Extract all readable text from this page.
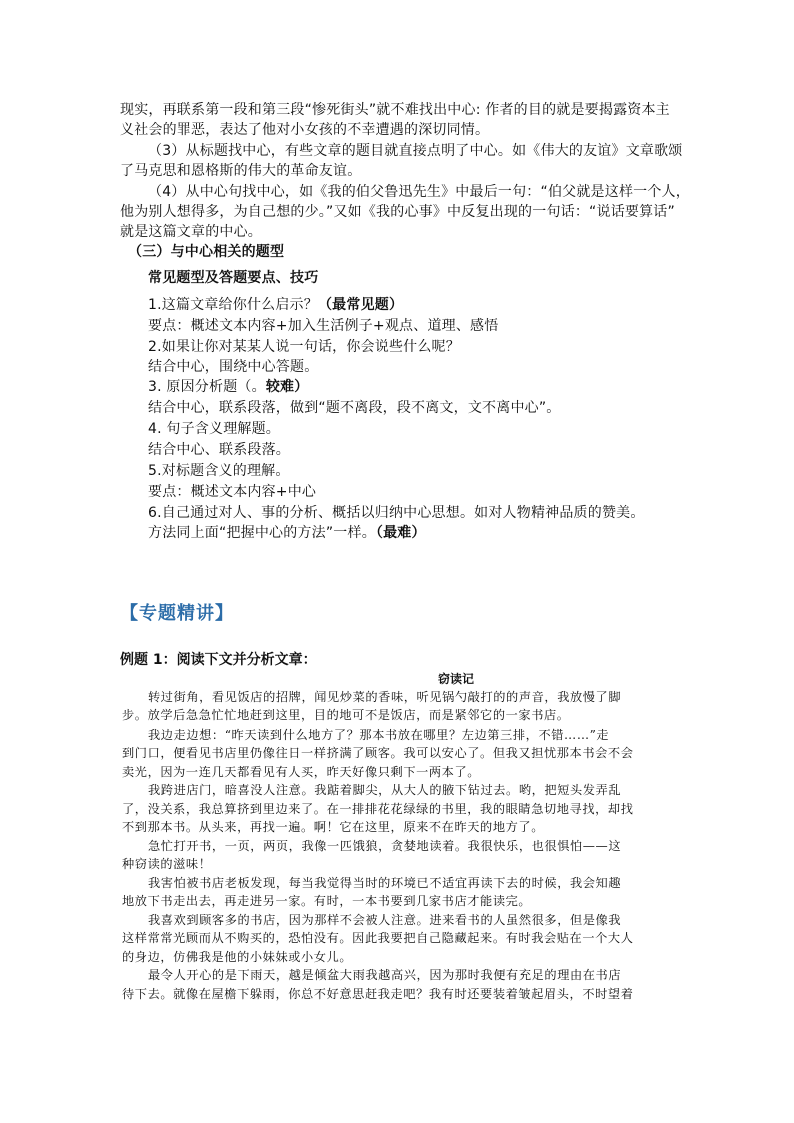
现实，再联系第一段和第三段“惨死街头”就不难找出中心: 作者的目的就是要揭露资本主
义社会的罪恶，表达了他对小女孩的不幸遭遇的深切同情。
（3）从标题找中心，有些文章的题目就直接点明了中心。如《伟大的友谊》文章歌颂
了马克思和恩格斯的伟大的革命友谊。
（4）从中心句找中心，如《我的伯父鲁迅先生》中最后一句：“伯父就是这样一个人，
他为别人想得多，为自己想的少。”又如《我的心事》中反复出现的一句话：“说话要算话”
就是这篇文章的中心。
（三）与中心相关的题型
常见题型及答题要点、技巧
1.这篇文章给你什么启示？（最常见题）
要点：概述文本内容+加入生活例子+观点、道理、感悟
2.如果让你对某某人说一句话，你会说些什么呢？
结合中心，围绕中心答题。
3. 原因分析题（。较难）
结合中心，联系段落，做到“题不离段，段不离文，文不离中心”。
4. 句子含义理解题。
结合中心、联系段落。
5.对标题含义的理解。
要点：概述文本内容+中心
6.自己通过对人、事的分析、概括以归纳中心思想。如对人物精神品质的赞美。
方法同上面“把握中心的方法”一样。（最难）
【专题精讲】
例题 1：阅读下文并分析文章：
窃读记
转过街角，看见饭店的招牌，闻见炒菜的香味，听见锅勺敲打的的声音，我放慢了脚
步。放学后急急忙忙地赶到这里，目的地可不是饭店，而是紧邻它的一家书店。
我边走边想：“昨天读到什么地方了？那本书放在哪里？左边第三排，不错……”走
到门口，便看见书店里仍像往日一样挤满了顾客。我可以安心了。但我又担忧那本书会不会
卖光，因为一连几天都看见有人买，昨天好像只剩下一两本了。
我跨进店门，暗喜没人注意。我踮着脚尖，从大人的腋下钻过去。哟，把短头发弄乱
了，没关系，我总算挤到里边来了。在一排排花花绿绿的书里，我的眼睛急切地寻找，却找
不到那本书。从头来，再找一遍。啊！它在这里，原来不在昨天的地方了。
急忙打开书，一页，两页，我像一匹饿狼，贪婪地读着。我很快乐，也很惧怕——这
种窃读的滋味！
我害怕被书店老板发现，每当我觉得当时的环境已不适宜再读下去的时候，我会知趣
地放下书走出去，再走进另一家。有时，一本书要到几家书店才能读完。
我喜欢到顾客多的书店，因为那样不会被人注意。进来看书的人虽然很多，但是像我
这样常常光顾而从不购买的，恐怕没有。因此我要把自己隐藏起来。有时我会贴在一个大人
的身边，仿佛我是他的小妹妹或小女儿。
最令人开心的是下雨天，越是倾盆大雨我越高兴，因为那时我便有充足的理由在书店
待下去。就像在屋檐下躲雨，你总不好意思赶我走吧？我有时还要装着皱起眉头，不时望着
